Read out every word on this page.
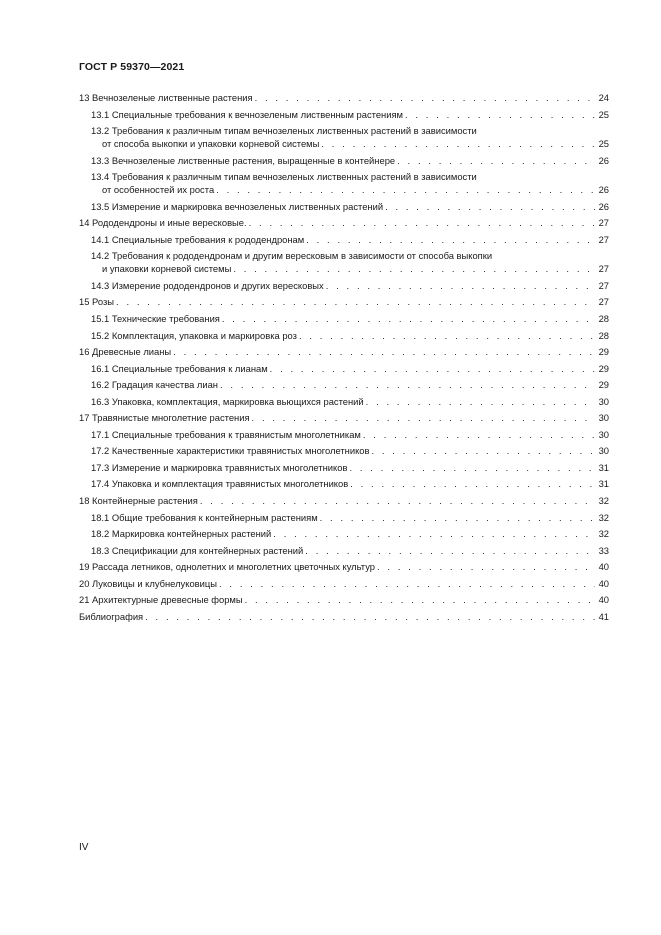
ГОСТ Р 59370—2021
13 Вечнозеленые лиственные растения . . .	24
13.1 Специальные требования к вечнозеленым лиственным растениям . . .	25
13.2 Требования к различным типам вечнозеленых лиственных растений в зависимости
от способа выкопки и упаковки корневой системы . . .	25
13.3 Вечнозеленые лиственные растения, выращенные в контейнере . . .	26
13.4 Требования к различным типам вечнозеленых лиственных растений в зависимости
от особенностей их роста . . .	26
13.5 Измерение и маркировка вечнозеленых лиственных растений . . .	26
14 Рододендроны и иные вересковые. . . .	27
14.1 Специальные требования к рододендронам . . .	27
14.2 Требования к рододендронам и другим вересковым в зависимости от способа выкопки
и упаковки корневой системы . . .	27
14.3 Измерение рододендронов и других вересковых . . .	27
15 Розы . . .	27
15.1 Технические требования . . .	28
15.2 Комплектация, упаковка и маркировка роз . . .	28
16 Древесные лианы . . .	29
16.1 Специальные требования к лианам . . .	29
16.2 Градация качества лиан . . .	29
16.3 Упаковка, комплектация, маркировка вьющихся растений . . .	30
17 Травянистые многолетние растения . . .	30
17.1 Специальные требования к травянистым многолетникам . . .	30
17.2 Качественные характеристики травянистых многолетников . . .	30
17.3 Измерение и маркировка травянистых многолетников . . .	31
17.4 Упаковка и комплектация травянистых многолетников . . .	31
18 Контейнерные растения . . .	32
18.1 Общие требования к контейнерным растениям . . .	32
18.2 Маркировка контейнерных растений . . .	32
18.3 Спецификации для контейнерных растений . . .	33
19 Рассада летников, однолетних и многолетних цветочных культур . . .	40
20 Луковицы и клубнелуковицы . . .	40
21 Архитектурные древесные формы . . .	40
Библиография . . .	41
IV
